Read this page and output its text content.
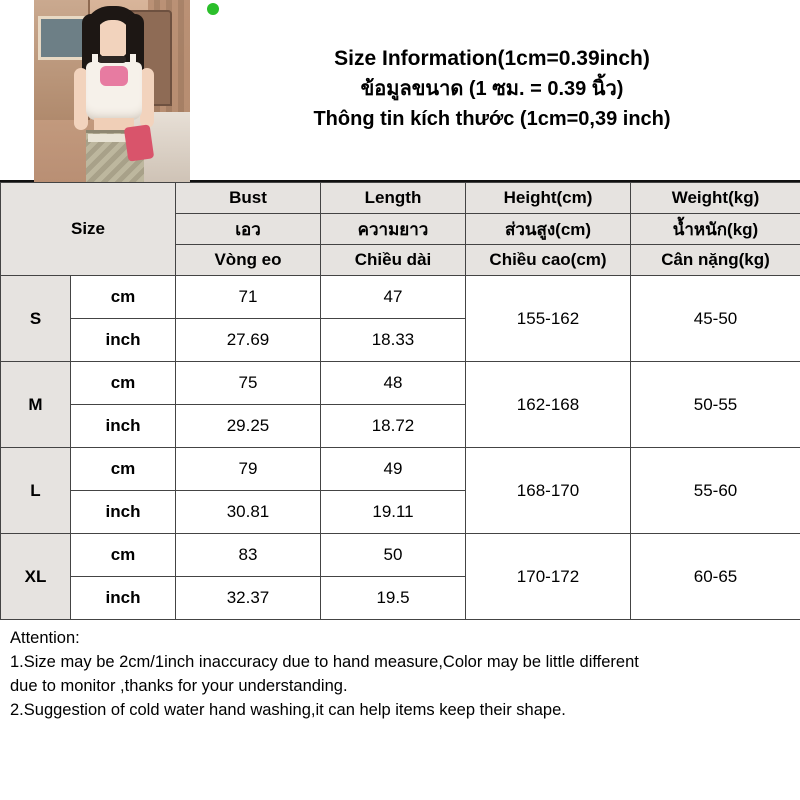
Size Information(1cm=0.39inch)
ข้อมูลขนาด (1 ซม. = 0.39 นิ้ว)
Thông tin kích thước (1cm=0,39 inch)
Size		Bust	Length	Height(cm)	Weight(kg)
		เอว	ความยาว	ส่วนสูง(cm)	น้ำหนัก(kg)
		Vòng eo	Chiều dài	Chiều cao(cm)	Cân nặng(kg)
S	cm	71	47	155-162	45-50
	inch	27.69	18.33		
M	cm	75	48	162-168	50-55
	inch	29.25	18.72		
L	cm	79	49	168-170	55-60
	inch	30.81	19.11		
XL	cm	83	50	170-172	60-65
	inch	32.37	19.5		

Attention:

1.Size may be 2cm/1inch inaccuracy due to hand measure,Color may be little different

due to monitor ,thanks for your understanding.

2.Suggestion of cold water hand washing,it can help items keep their shape.
